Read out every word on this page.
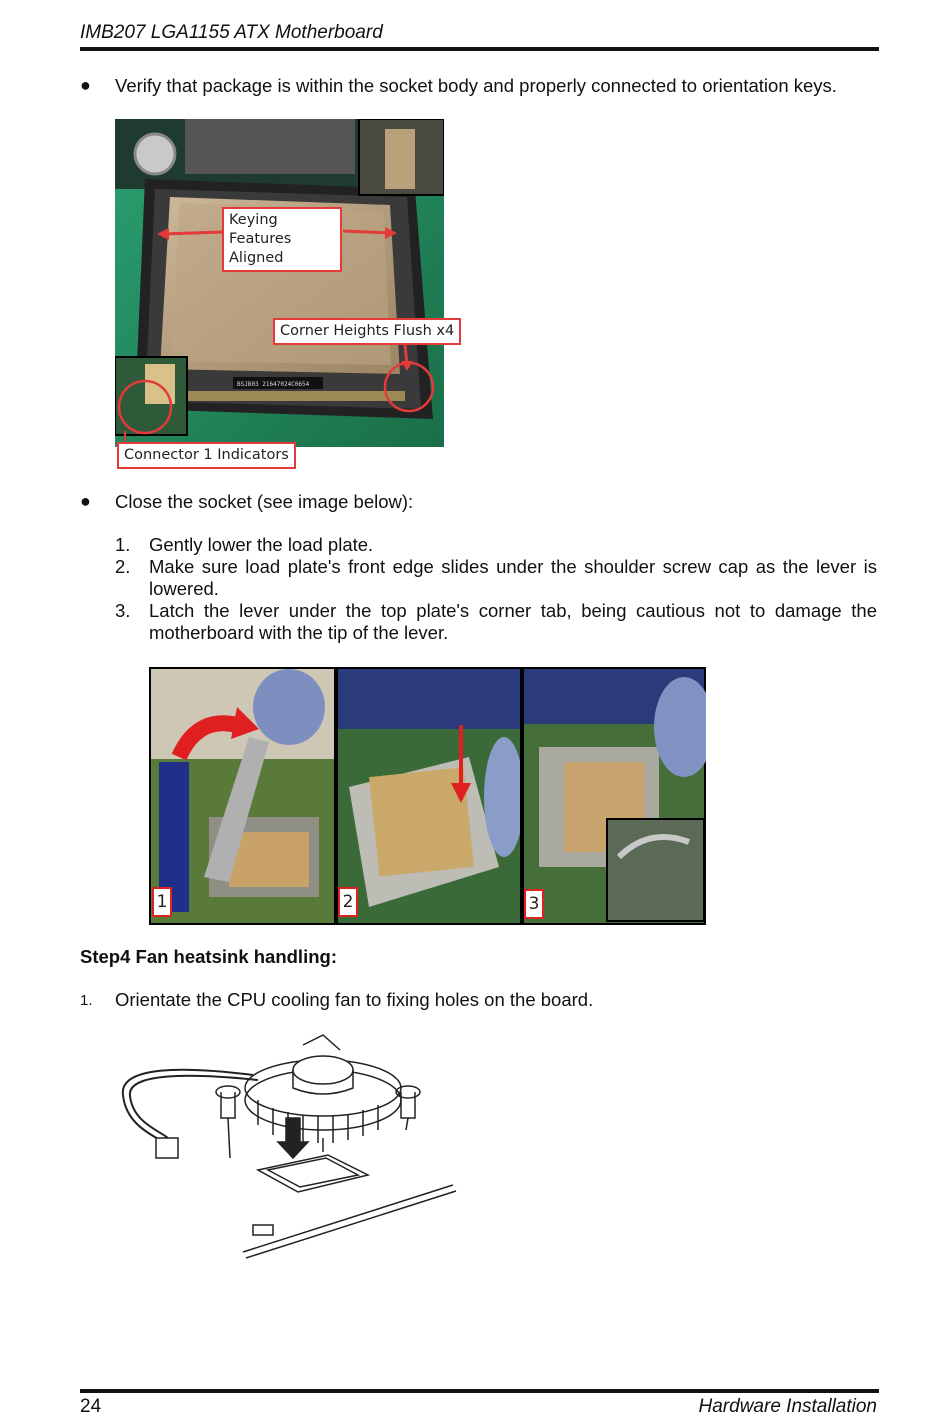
IMB207 LGA1155 ATX Motherboard
● Verify that package is within the socket body and properly connected to orientation keys.
BSJB03 21647024C0654
Keying Features
Aligned
Corner Heights Flush x4
Connector 1 Indicators
● Close the socket (see image below):
1.	Gently lower the load plate.
2.	Make sure load plate's front edge slides under the shoulder screw cap as the lever is lowered.
3.	Latch the lever under the top plate's corner tab, being cautious not to damage the motherboard with the tip of the lever.
1	2	3
Step4 Fan heatsink handling:
1. Orientate the CPU cooling fan to fixing holes on the board.
24	Hardware Installation
